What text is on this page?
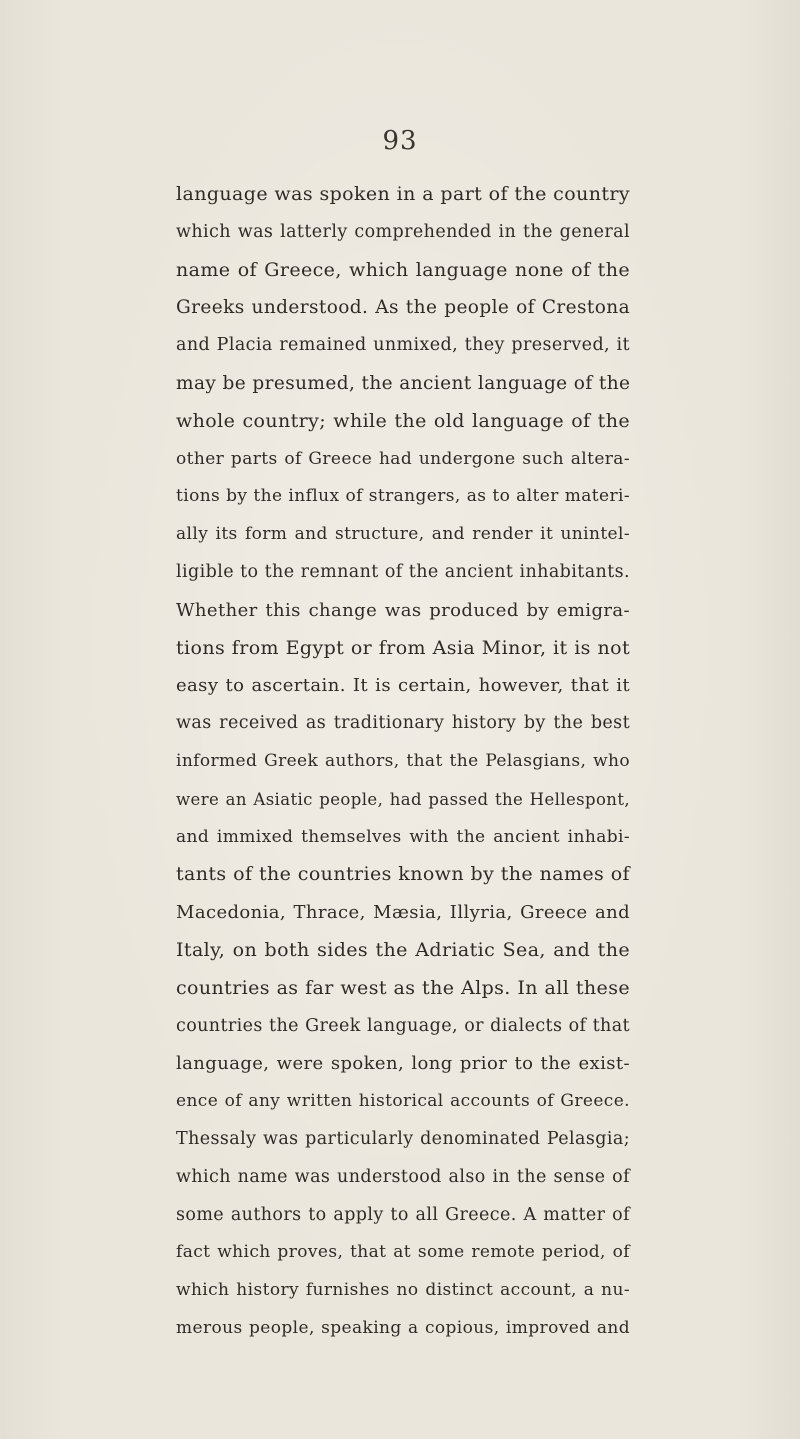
93
language was spoken in a part of the country
which was latterly comprehended in the general
name of Greece, which language none of the
Greeks understood. As the people of Crestona
and Placia remained unmixed, they preserved, it
may be presumed, the ancient language of the
whole country; while the old language of the
other parts of Greece had undergone such altera-
tions by the influx of strangers, as to alter materi-
ally its form and structure, and render it unintel-
ligible to the remnant of the ancient inhabitants.
Whether this change was produced by emigra-
tions from Egypt or from Asia Minor, it is not
easy to ascertain. It is certain, however, that it
was received as traditionary history by the best
informed Greek authors, that the Pelasgians, who
were an Asiatic people, had passed the Hellespont,
and immixed themselves with the ancient inhabi-
tants of the countries known by the names of
Macedonia, Thrace, Mæsia, Illyria, Greece and
Italy, on both sides the Adriatic Sea, and the
countries as far west as the Alps. In all these
countries the Greek language, or dialects of that
language, were spoken, long prior to the exist-
ence of any written historical accounts of Greece.
Thessaly was particularly denominated Pelasgia;
which name was understood also in the sense of
some authors to apply to all Greece. A matter of
fact which proves, that at some remote period, of
which history furnishes no distinct account, a nu-
merous people, speaking a copious, improved and
